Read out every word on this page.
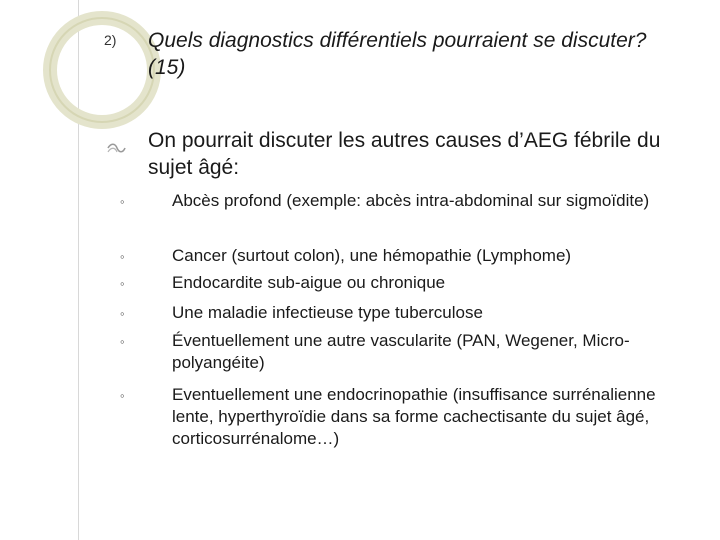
2) Quels diagnostics différentiels pourraient se discuter? (15)
On pourrait discuter les autres causes d’AEG fébrile du sujet âgé:
◦	Abcès profond (exemple: abcès intra-abdominal sur sigmoïdite)
◦	Cancer (surtout colon), une hémopathie (Lymphome)
◦	Endocardite sub-aigue ou chronique
◦	Une maladie infectieuse type tuberculose
◦	Éventuellement une autre vascularite (PAN, Wegener, Micro-polyangéite)
◦	Eventuellement une endocrinopathie (insuffisance surrénalienne lente, hyperthyroïdie dans sa forme cachectisante du sujet âgé, corticosurrénalome…)
